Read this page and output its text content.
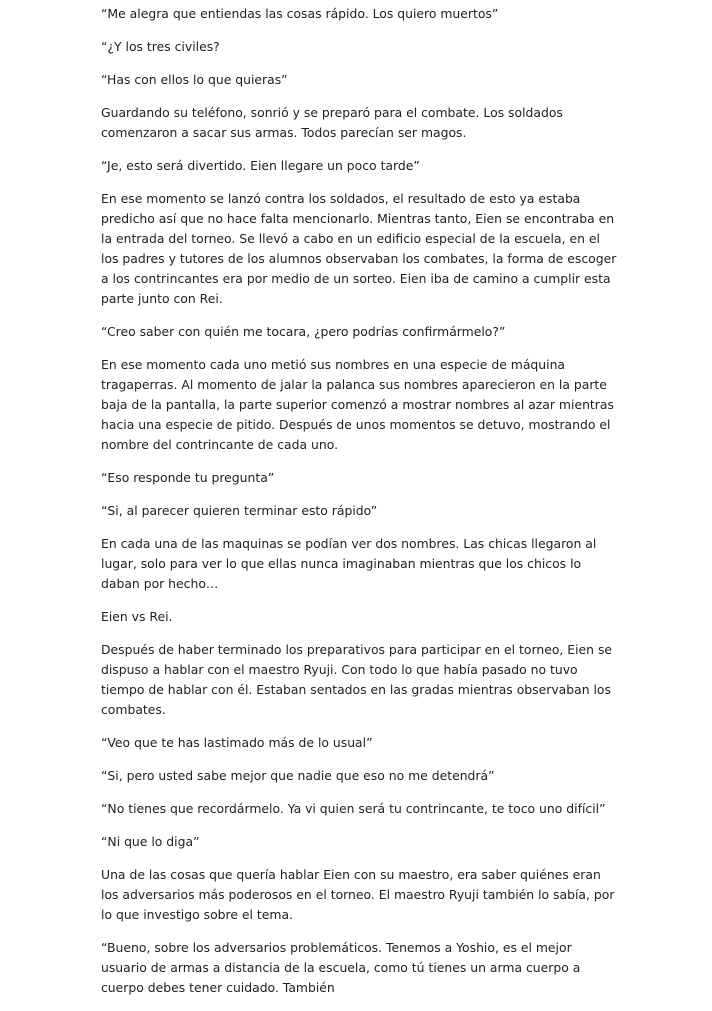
“Me alegra que entiendas las cosas rápido. Los quiero muertos”

“¿Y los tres civiles?

“Has con ellos lo que quieras”

Guardando su teléfono, sonrió y se preparó para el combate. Los soldados comenzaron a sacar sus armas. Todos parecían ser magos.

“Je, esto será divertido. Eien llegare un poco tarde”

En ese momento se lanzó contra los soldados, el resultado de esto ya estaba predicho así que no hace falta mencionarlo. Mientras tanto, Eien se encontraba en la entrada del torneo. Se llevó a cabo en un edificio especial de la escuela, en el los padres y tutores de los alumnos observaban los combates, la forma de escoger a los contrincantes era por medio de un sorteo. Eien iba de camino a cumplir esta parte junto con Rei.

“Creo saber con quién me tocara, ¿pero podrías confirmármelo?”

En ese momento cada uno metió sus nombres en una especie de máquina tragaperras. Al momento de jalar la palanca sus nombres aparecieron en la parte baja de la pantalla, la parte superior comenzó a mostrar nombres al azar mientras hacia una especie de pitido. Después de unos momentos se detuvo, mostrando el nombre del contrincante de cada uno.

“Eso responde tu pregunta”

“Si, al parecer quieren terminar esto rápido”

En cada una de las maquinas se podían ver dos nombres. Las chicas llegaron al lugar, solo para ver lo que ellas nunca imaginaban mientras que los chicos lo daban por hecho…

Eien vs Rei.

Después de haber terminado los preparativos para participar en el torneo, Eien se dispuso a hablar con el maestro Ryuji. Con todo lo que había pasado no tuvo tiempo de hablar con él. Estaban sentados en las gradas mientras observaban los combates.

“Veo que te has lastimado más de lo usual”

“Si, pero usted sabe mejor que nadie que eso no me detendrá”

“No tienes que recordármelo. Ya vi quien será tu contrincante, te toco uno difícil”

“Ni que lo diga”

Una de las cosas que quería hablar Eien con su maestro, era saber quiénes eran los adversarios más poderosos en el torneo. El maestro Ryuji también lo sabía, por lo que investigo sobre el tema.

“Bueno, sobre los adversarios problemáticos. Tenemos a Yoshio, es el mejor usuario de armas a distancia de la escuela, como tú tienes un arma cuerpo a cuerpo debes tener cuidado. También
